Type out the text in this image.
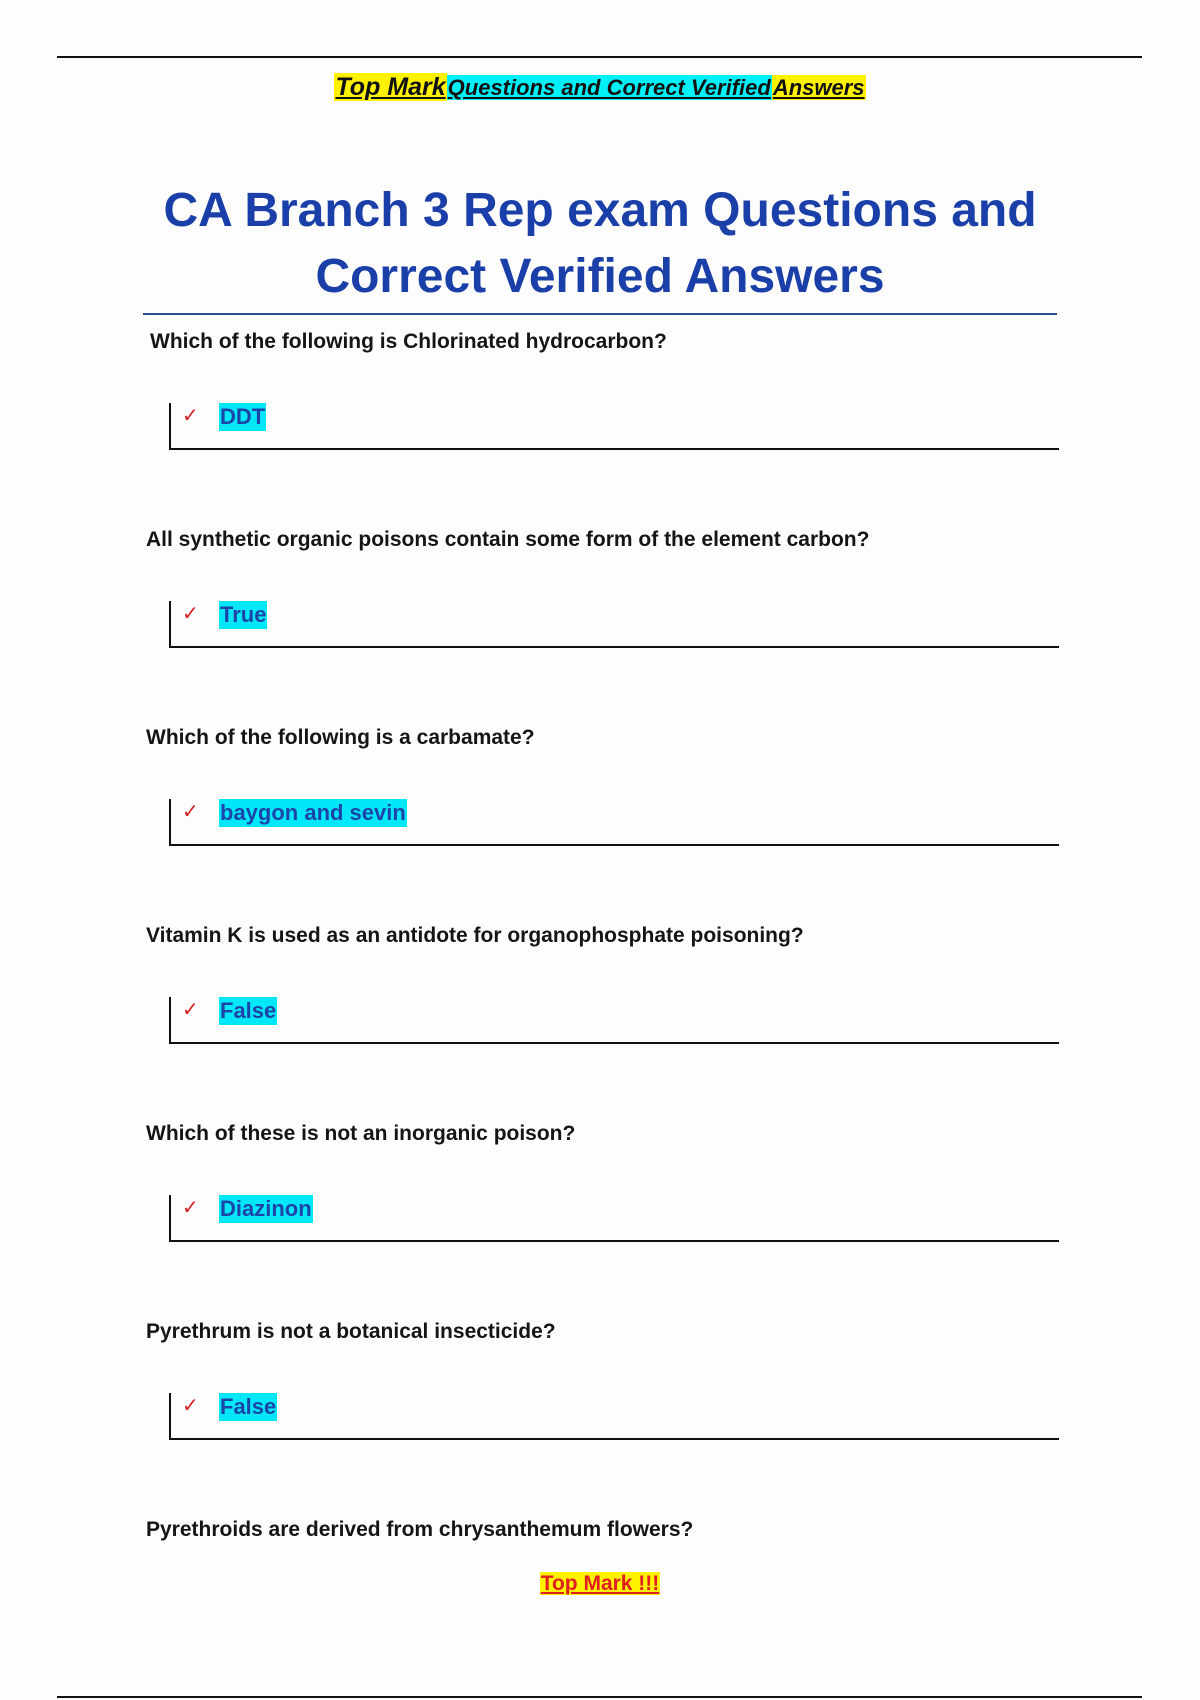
Top MarkQuestions and Correct VerifiedAnswers
CA Branch 3 Rep exam Questions and
Correct Verified Answers
Which of the following is Chlorinated hydrocarbon?
✓ DDT
All synthetic organic poisons contain some form of the element carbon?
✓ True
Which of the following is a carbamate?
✓ baygon and sevin
Vitamin K is used as an antidote for organophosphate poisoning?
✓ False
Which of these is not an inorganic poison?
✓ Diazinon
Pyrethrum is not a botanical insecticide?
✓ False
Pyrethroids are derived from chrysanthemum flowers?
Top Mark !!!
